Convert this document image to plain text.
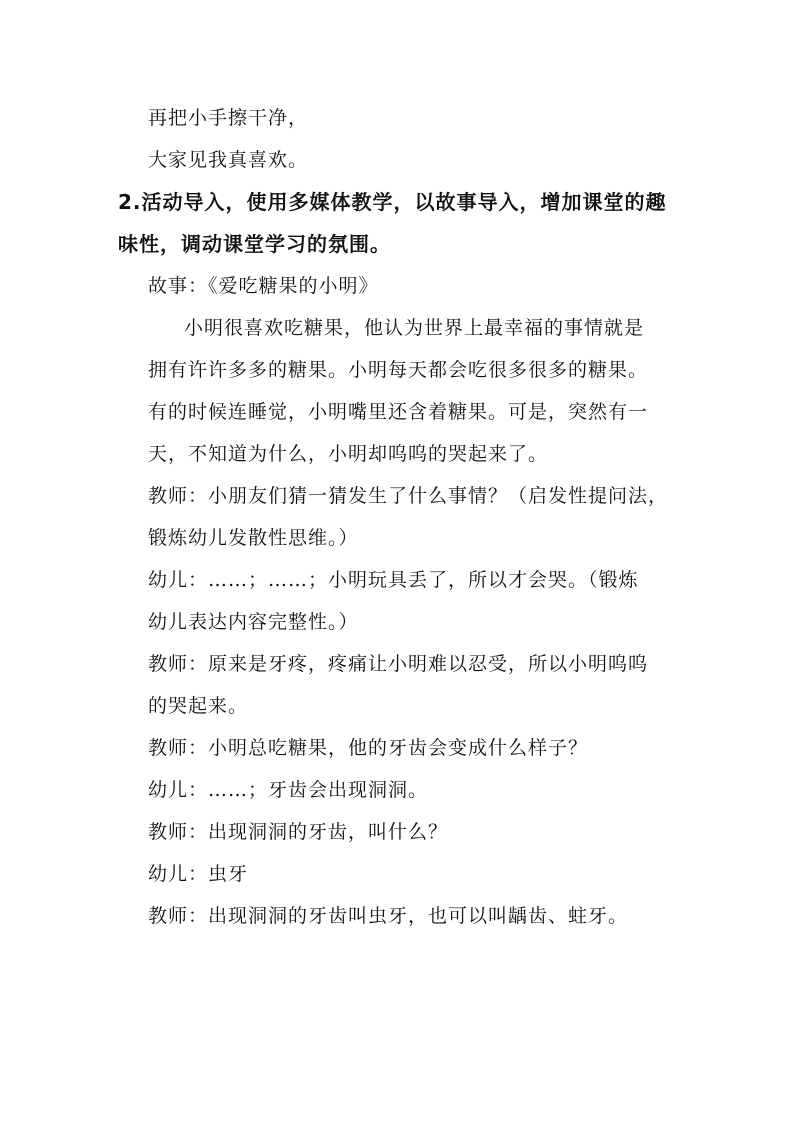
再把小手擦干净，

大家见我真喜欢。

2.活动导入，使用多媒体教学，以故事导入，增加课堂的趣

味性，调动课堂学习的氛围。

故事：《爱吃糖果的小明》

小明很喜欢吃糖果，他认为世界上最幸福的事情就是

拥有许许多多的糖果。小明每天都会吃很多很多的糖果。

有的时候连睡觉，小明嘴里还含着糖果。可是，突然有一

天，不知道为什么，小明却呜呜的哭起来了。

教师：小朋友们猜一猜发生了什么事情？（启发性提问法，

锻炼幼儿发散性思维。）

幼儿：……；……；小明玩具丢了，所以才会哭。（锻炼

幼儿表达内容完整性。）

教师：原来是牙疼，疼痛让小明难以忍受，所以小明呜呜

的哭起来。

教师：小明总吃糖果，他的牙齿会变成什么样子？

幼儿：……；牙齿会出现洞洞。

教师：出现洞洞的牙齿，叫什么？

幼儿：虫牙

教师：出现洞洞的牙齿叫虫牙，也可以叫龋齿、蛀牙。
